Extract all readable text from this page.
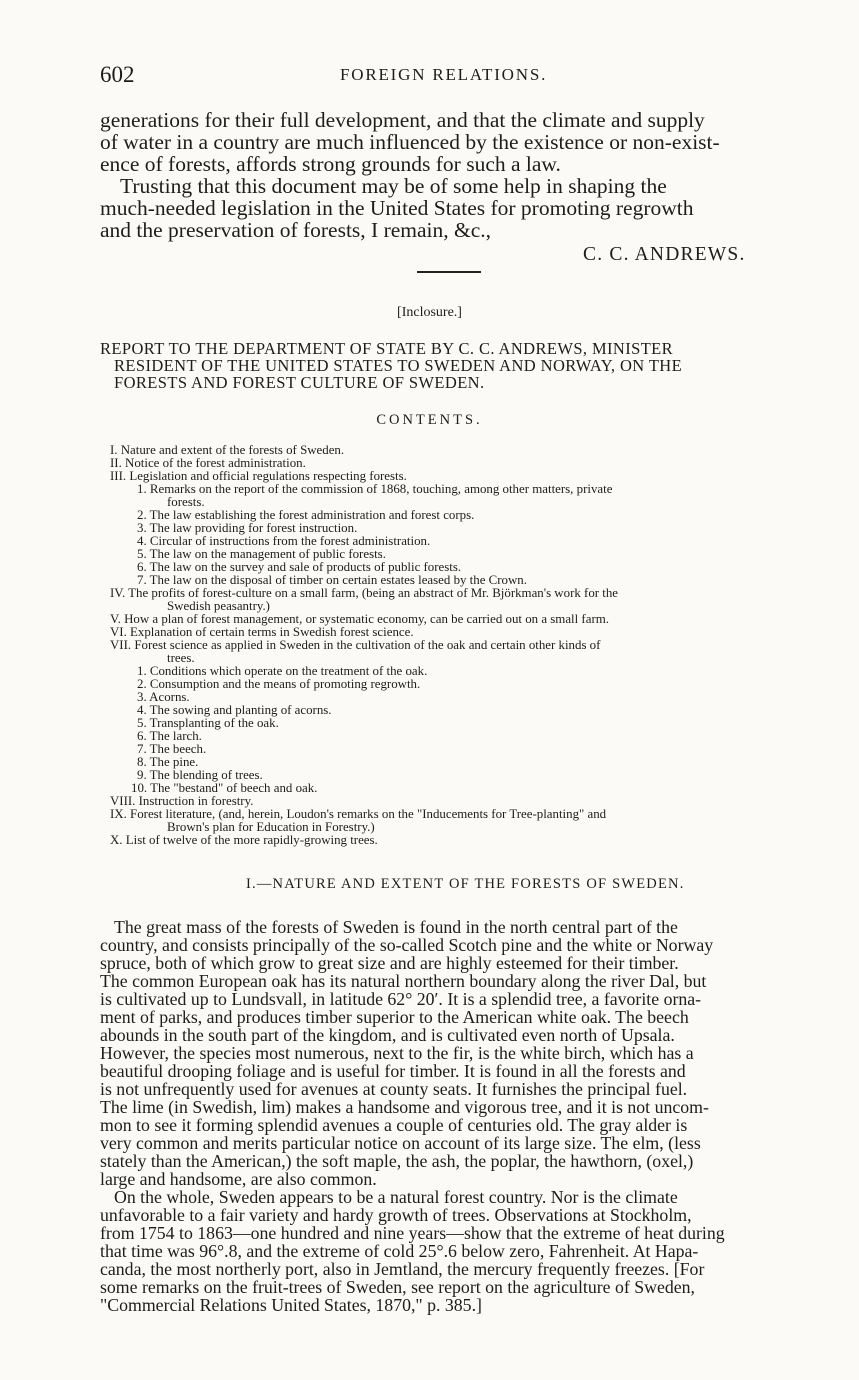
602	FOREIGN RELATIONS.

generations for their full development, and that the climate and supply

of water in a country are much influenced by the existence or non-exist-

ence of forests, affords strong grounds for such a law.

Trusting that this document may be of some help in shaping the

much-needed legislation in the United States for promoting regrowth

and the preservation of forests, I remain, &c.,

C. C. ANDREWS.

[Inclosure.]

REPORT TO THE DEPARTMENT OF STATE BY C. C. ANDREWS, MINISTER

RESIDENT OF THE UNITED STATES TO SWEDEN AND NORWAY, ON THE

FORESTS AND FOREST CULTURE OF SWEDEN.

CONTENTS.

I. Nature and extent of the forests of Sweden.

II. Notice of the forest administration.

III. Legislation and official regulations respecting forests.

1. Remarks on the report of the commission of 1868, touching, among other matters, private

forests.

2. The law establishing the forest administration and forest corps.

3. The law providing for forest instruction.

4. Circular of instructions from the forest administration.

5. The law on the management of public forests.

6. The law on the survey and sale of products of public forests.

7. The law on the disposal of timber on certain estates leased by the Crown.

IV. The profits of forest-culture on a small farm, (being an abstract of Mr. Björkman's work for the

Swedish peasantry.)

V. How a plan of forest management, or systematic economy, can be carried out on a small farm.

VI. Explanation of certain terms in Swedish forest science.

VII. Forest science as applied in Sweden in the cultivation of the oak and certain other kinds of

trees.

1. Conditions which operate on the treatment of the oak.

2. Consumption and the means of promoting regrowth.

3. Acorns.

4. The sowing and planting of acorns.

5. Transplanting of the oak.

6. The larch.

7. The beech.

8. The pine.

9. The blending of trees.

10. The "bestand" of beech and oak.

VIII. Instruction in forestry.

IX. Forest literature, (and, herein, Loudon's remarks on the "Inducements for Tree-planting" and

Brown's plan for Education in Forestry.)

X. List of twelve of the more rapidly-growing trees.

I.—NATURE AND EXTENT OF THE FORESTS OF SWEDEN.

The great mass of the forests of Sweden is found in the north central part of the

country, and consists principally of the so-called Scotch pine and the white or Norway

spruce, both of which grow to great size and are highly esteemed for their timber.

The common European oak has its natural northern boundary along the river Dal, but

is cultivated up to Lundsvall, in latitude 62° 20′. It is a splendid tree, a favorite orna-

ment of parks, and produces timber superior to the American white oak. The beech

abounds in the south part of the kingdom, and is cultivated even north of Upsala.

However, the species most numerous, next to the fir, is the white birch, which has a

beautiful drooping foliage and is useful for timber. It is found in all the forests and

is not unfrequently used for avenues at county seats. It furnishes the principal fuel.

The lime (in Swedish, lim) makes a handsome and vigorous tree, and it is not uncom-

mon to see it forming splendid avenues a couple of centuries old. The gray alder is

very common and merits particular notice on account of its large size. The elm, (less

stately than the American,) the soft maple, the ash, the poplar, the hawthorn, (oxel,)

large and handsome, are also common.

On the whole, Sweden appears to be a natural forest country. Nor is the climate

unfavorable to a fair variety and hardy growth of trees. Observations at Stockholm,

from 1754 to 1863—one hundred and nine years—show that the extreme of heat during

that time was 96°.8, and the extreme of cold 25°.6 below zero, Fahrenheit. At Hapa-

canda, the most northerly port, also in Jemtland, the mercury frequently freezes. [For

some remarks on the fruit-trees of Sweden, see report on the agriculture of Sweden,

"Commercial Relations United States, 1870," p. 385.]
